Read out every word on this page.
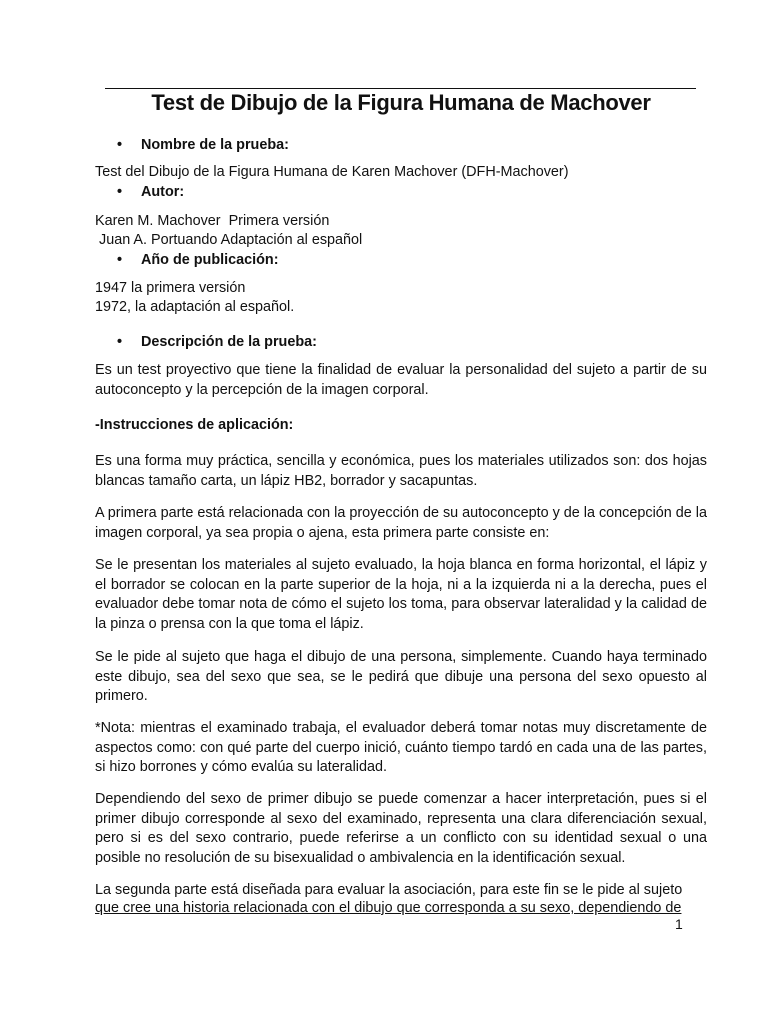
Test de Dibujo de la Figura Humana de Machover
• Nombre de la prueba:
Test del Dibujo de la Figura Humana de Karen Machover (DFH-Machover)
• Autor:
Karen M. Machover  Primera versión
Juan A. Portuando Adaptación al español
• Año de publicación:
1947 la primera versión
1972, la adaptación al español.
• Descripción de la prueba:
Es un test proyectivo que tiene la finalidad de evaluar la personalidad del sujeto a partir de su autoconcepto y la percepción de la imagen corporal.
-Instrucciones de aplicación:
Es una forma muy práctica, sencilla y económica, pues los materiales utilizados son: dos hojas blancas tamaño carta, un lápiz HB2, borrador y sacapuntas.
A primera parte está relacionada con la proyección de su autoconcepto y de la concepción de la imagen corporal, ya sea propia o ajena, esta primera parte consiste en:
Se le presentan los materiales al sujeto evaluado, la hoja blanca en forma horizontal, el lápiz y el borrador se colocan en la parte superior de la hoja, ni a la izquierda ni a la derecha, pues el evaluador debe tomar nota de cómo el sujeto los toma, para observar lateralidad y la calidad de la pinza o prensa con la que toma el lápiz.
Se le pide al sujeto que haga el dibujo de una persona, simplemente. Cuando haya terminado este dibujo, sea del sexo que sea, se le pedirá que dibuje una persona del sexo opuesto al primero.
*Nota: mientras el examinado trabaja, el evaluador deberá tomar notas muy discretamente de aspectos como: con qué parte del cuerpo inició, cuánto tiempo tardó en cada una de las partes, si hizo borrones y cómo evalúa su lateralidad.
Dependiendo del sexo de primer dibujo se puede comenzar a hacer interpretación, pues si el primer dibujo corresponde al sexo del examinado, representa una clara diferenciación sexual, pero si es del sexo contrario, puede referirse a un conflicto con su identidad sexual o una posible no resolución de su bisexualidad o ambivalencia en la identificación sexual.
La segunda parte está diseñada para evaluar la asociación, para este fin se le pide al sujeto
que cree una historia relacionada con el dibujo que corresponda a su sexo, dependiendo de
1
